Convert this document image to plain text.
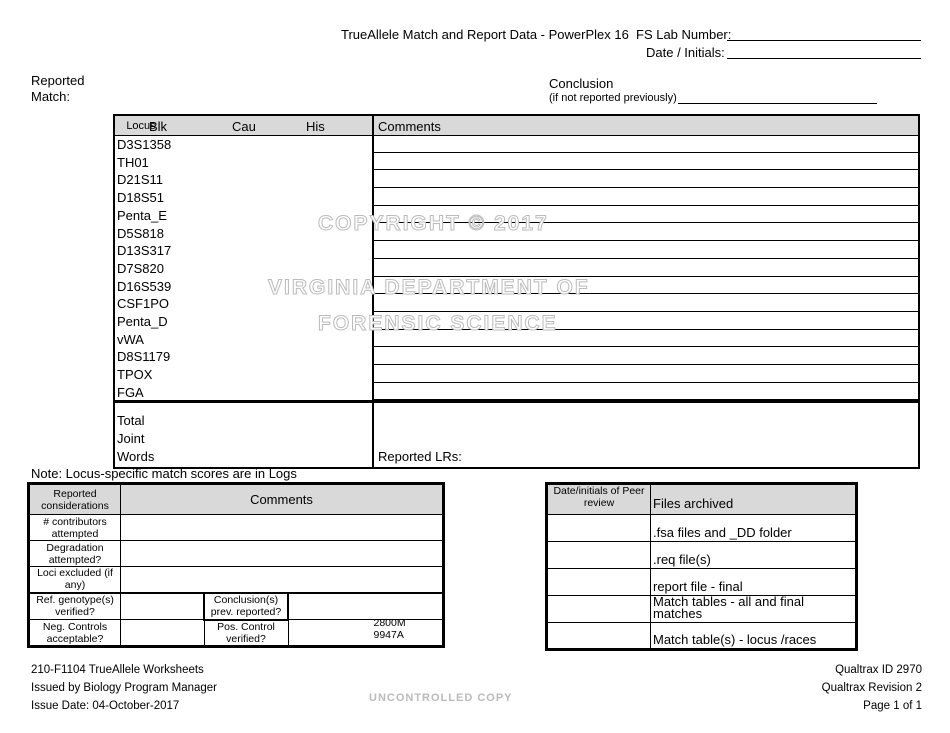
TrueAllele Match and Report Data - PowerPlex 16 FS Lab Number:
Date / Initials:
Reported
Match:
Conclusion
(if not reported previously)
Locus
Blk	Cau	His	Comments
D3S1358
TH01
D21S11
D18S51
Penta_E
D5S818
D13S317
D7S820
D16S539
CSF1PO
Penta_D
vWA
D8S1179
TPOX
FGA
Total
Joint
Words	Reported LRs:
COPYRIGHT © 2017
VIRGINIA DEPARTMENT OF
FORENSIC SCIENCE
Note: Locus-specific match scores are in Logs
Reported considerations	Comments		
# contributors attempted			
Degradation attempted?			
Loci excluded (if any)			
Ref. genotype(s) verified?		Conclusion(s) prev. reported?	
Neg. Controls acceptable?		Pos. Control verified?	2800M
9947A
Date/initials of Peer review	Files archived
	.fsa files and _DD folder
	.req file(s)
	report file - final
	Match tables - all and final matches
	Match table(s) - locus /races
210-F1104 TrueAllele Worksheets
Issued by Biology Program Manager
Issue Date: 04-October-2017
UNCONTROLLED COPY
Qualtrax ID 2970
Qualtrax Revision 2
Page 1 of 1
